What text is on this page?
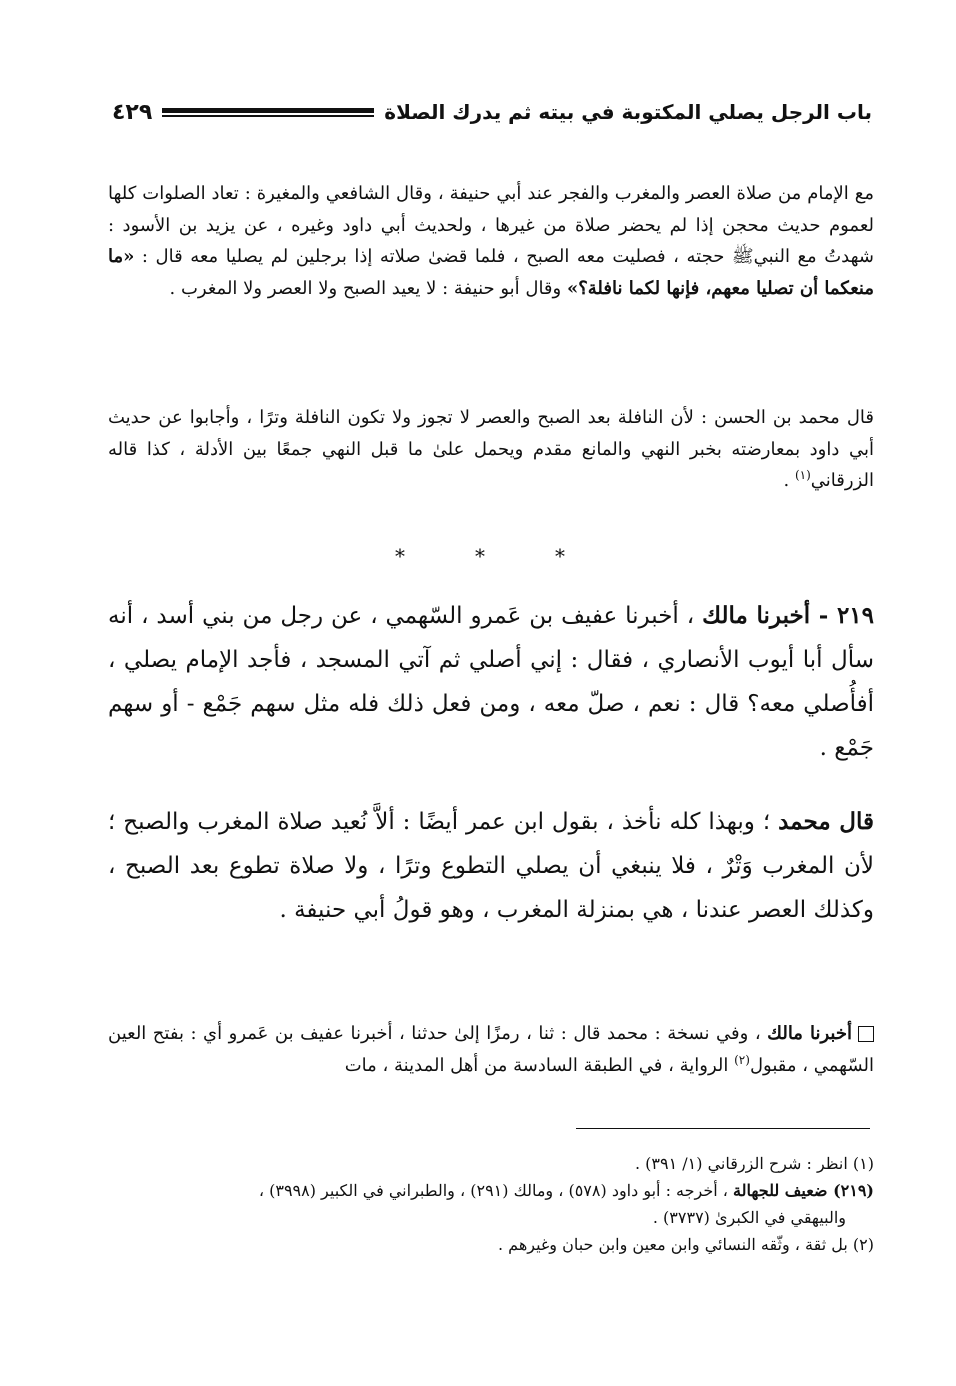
باب الرجل يصلي المكتوبة في بيته ثم يدرك الصلاة
٤٢٩
مع الإمام من صلاة العصر والمغرب والفجر عند أبي حنيفة ، وقال الشافعي والمغيرة : تعاد الصلوات كلها لعموم حديث محجن إذا لم يحضر صلاة من غيرها ، ولحديث أبي داود وغيره ، عن يزيد بن الأسود : شهدتُ مع النبيﷺ حجته ، فصليت معه الصبح ، فلما قضىٰ صلاته إذا برجلين لم يصليا معه قال : «ما منعكما أن تصليا معهم، فإنها لكما نافلة؟» وقال أبو حنيفة : لا يعيد الصبح ولا العصر ولا المغرب .
قال محمد بن الحسن : لأن النافلة بعد الصبح والعصر لا تجوز ولا تكون النافلة وترًا ، وأجابوا عن حديث أبي داود بمعارضته بخبر النهي والمانع مقدم ويحمل علىٰ ما قبل النهي جمعًا بين الأدلة ، كذا قاله الزرقاني$^{(١)}$ .
*
*
*
٢١٩ - أخبرنا مالك ، أخبرنا عفيف بن عَمرو السّهمي ، عن رجل من بني أسد ، أنه سأل أبا أيوب الأنصاري ، فقال : إني أصلي ثم آتي المسجد ، فأجد الإمام يصلي ، أفأُصلي معه؟ قال : نعم ، صلّ معه ، ومن فعل ذلك فله مثل سهم جَمْع - أو سهم جَمْع .
قال محمد ؛ وبهذا كله نأخذ ، بقول ابن عمر أيضًا : ألاَّ نُعيد صلاة المغرب والصبح ؛ لأن المغرب وَتْرٌ ، فلا ينبغي أن يصلي التطوع وترًا ، ولا صلاة تطوع بعد الصبح ، وكذلك العصر عندنا ، هي بمنزلة المغرب ، وهو قولُ أبي حنيفة .
أخبرنا مالك ، وفي نسخة : محمد قال : ثنا ، رمزًا إلىٰ حدثنا ، أخبرنا عفيف بن عَمرو أي : بفتح العين السّهمي ، مقبول$^{(٢)}$ الرواية ، في الطبقة السادسة من أهل المدينة ، مات

(١) انظر : شرح الزرقاني (١/ ٣٩١) .

(٢١٩) ضعيف للجهالة ، أخرجه : أبو داود (٥٧٨) ، ومالك (٢٩١) ، والطبراني في الكبير (٣٩٩٨) ،

والبيهقي في الكبرىٰ (٣٧٣٧) .

(٢) بل ثقة ، وثّقه النسائي وابن معين وابن حبان وغيرهم .
